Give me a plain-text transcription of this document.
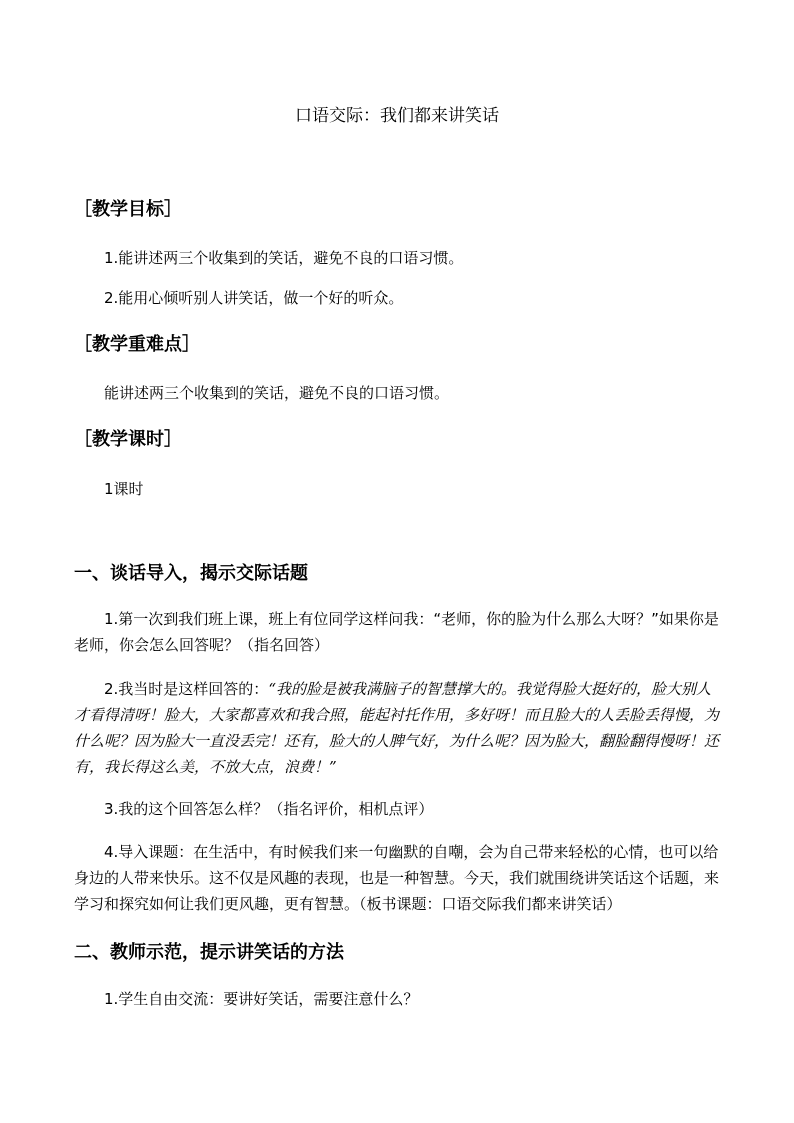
口语交际：我们都来讲笑话
［教学目标］
1.能讲述两三个收集到的笑话，避免不良的口语习惯。
2.能用心倾听别人讲笑话，做一个好的听众。
［教学重难点］
能讲述两三个收集到的笑话，避免不良的口语习惯。
［教学课时］
1课时
一、谈话导入，揭示交际话题
1.第一次到我们班上课，班上有位同学这样问我：“老师，你的脸为什么那么大呀？”如果你是老师，你会怎么回答呢？（指名回答）
2.我当时是这样回答的：“我的脸是被我满脑子的智慧撑大的。我觉得脸大挺好的，脸大别人才看得清呀！脸大，大家都喜欢和我合照，能起衬托作用，多好呀！而且脸大的人丢脸丢得慢，为什么呢？因为脸大一直没丢完！还有，脸大的人脾气好，为什么呢？因为脸大，翻脸翻得慢呀！还有，我长得这么美，不放大点，浪费！”
3.我的这个回答怎么样？（指名评价，相机点评）
4.导入课题：在生活中，有时候我们来一句幽默的自嘲，会为自己带来轻松的心情，也可以给身边的人带来快乐。这不仅是风趣的表现，也是一种智慧。今天，我们就围绕讲笑话这个话题，来学习和探究如何让我们更风趣，更有智慧。（板书课题：口语交际我们都来讲笑话）
二、教师示范，提示讲笑话的方法
1.学生自由交流：要讲好笑话，需要注意什么？
